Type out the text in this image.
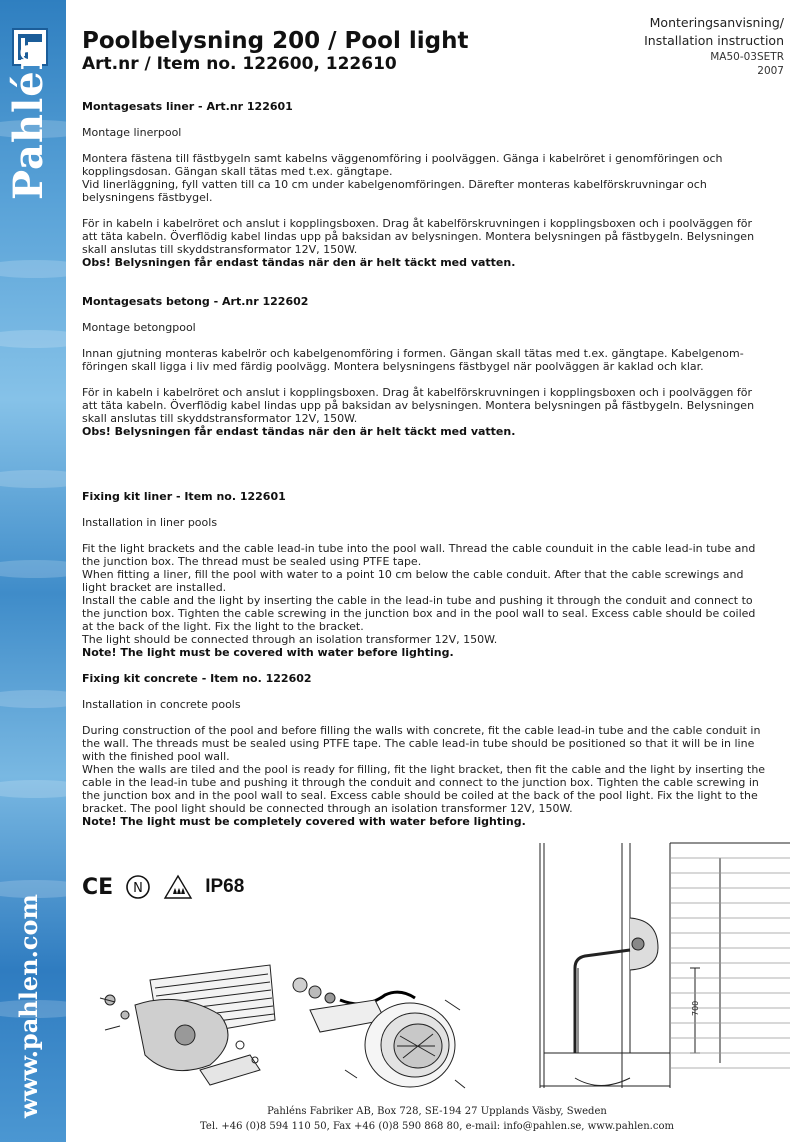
Pahlén
www.pahlen.com
Poolbelysning 200 / Pool light
Art.nr / Item no. 122600, 122610
Monteringsanvisning/
Installation instruction
MA50-03SETR
2007

Montagesats liner - Art.nr 122601

Montage linerpool

Montera fästena till fästbygeln samt kabelns väggenomföring i poolväggen. Gänga i kabelröret i genomföringen och

kopplingsdosan. Gängan skall tätas med t.ex. gängtape.

Vid linerläggning, fyll vatten till ca 10 cm under kabelgenomföringen. Därefter monteras kabelförskruvningar och

belysningens fästbygel.

För in kabeln i kabelröret och anslut i kopplingsboxen. Drag åt kabelförskruvningen i kopplingsboxen och i poolväggen för

att täta kabeln. Överflödig kabel lindas upp på baksidan av belysningen. Montera belysningen på fästbygeln. Belysningen

skall anslutas till skyddstransformator 12V, 150W.

Obs! Belysningen får endast tändas när den är helt täckt med vatten.

Montagesats betong - Art.nr 122602

Montage betongpool

Innan gjutning monteras kabelrör och kabelgenomföring i formen. Gängan skall tätas med t.ex. gängtape. Kabelgenom-

föringen skall ligga i liv med färdig poolvägg. Montera belysningens fästbygel när poolväggen är kaklad och klar.

För in kabeln i kabelröret och anslut i kopplingsboxen. Drag åt kabelförskruvningen i kopplingsboxen och i poolväggen för

att täta kabeln. Överflödig kabel lindas upp på baksidan av belysningen. Montera belysningen på fästbygeln. Belysningen

skall anslutas till skyddstransformator 12V, 150W.

Obs! Belysningen får endast tändas när den är helt täckt med vatten.

Fixing kit liner - Item no. 122601

Installation in liner pools

Fit the light brackets and the cable lead-in tube into the pool wall. Thread the cable counduit in the cable lead-in tube and

the junction box. The thread must be sealed using PTFE tape.

When fitting a liner, fill the pool with water to a point 10 cm below the cable conduit. After that the cable screwings and

light bracket are installed.

Install the cable and the light by inserting the cable in the lead-in tube and pushing it through the conduit and connect to

the junction box. Tighten the cable screwing in the junction box and in the pool wall to seal. Excess cable should be coiled

at the back of the light. Fix the light to the bracket.

The light should be connected through an isolation transformer 12V, 150W.

Note! The light must be covered with water before lighting.

Fixing kit concrete - Item no. 122602

Installation in concrete pools

During construction of the pool and before filling the walls with concrete, fit the cable lead-in tube and the cable conduit in

the wall. The threads must be sealed using PTFE tape. The cable lead-in tube should be positioned so that it will be in line

with the finished pool wall.

When the walls are tiled and the pool is ready for filling, fit the light bracket, then fit the cable and the light by inserting the

cable in the lead-in tube and pushing it through the conduit and connect to the junction box. Tighten the cable screwing in

the junction box and in the pool wall to seal. Excess cable should be coiled at the back of the pool light. Fix the light to the

bracket. The pool light should be connected through an isolation transformer 12V, 150W.

Note! The light must be completely covered with water before lighting.

CE N	IP68
700
Pahléns Fabriker AB, Box 728, SE-194 27 Upplands Väsby, Sweden
Tel. +46 (0)8 594 110 50, Fax +46 (0)8 590 868 80, e-mail: info@pahlen.se, www.pahlen.com
